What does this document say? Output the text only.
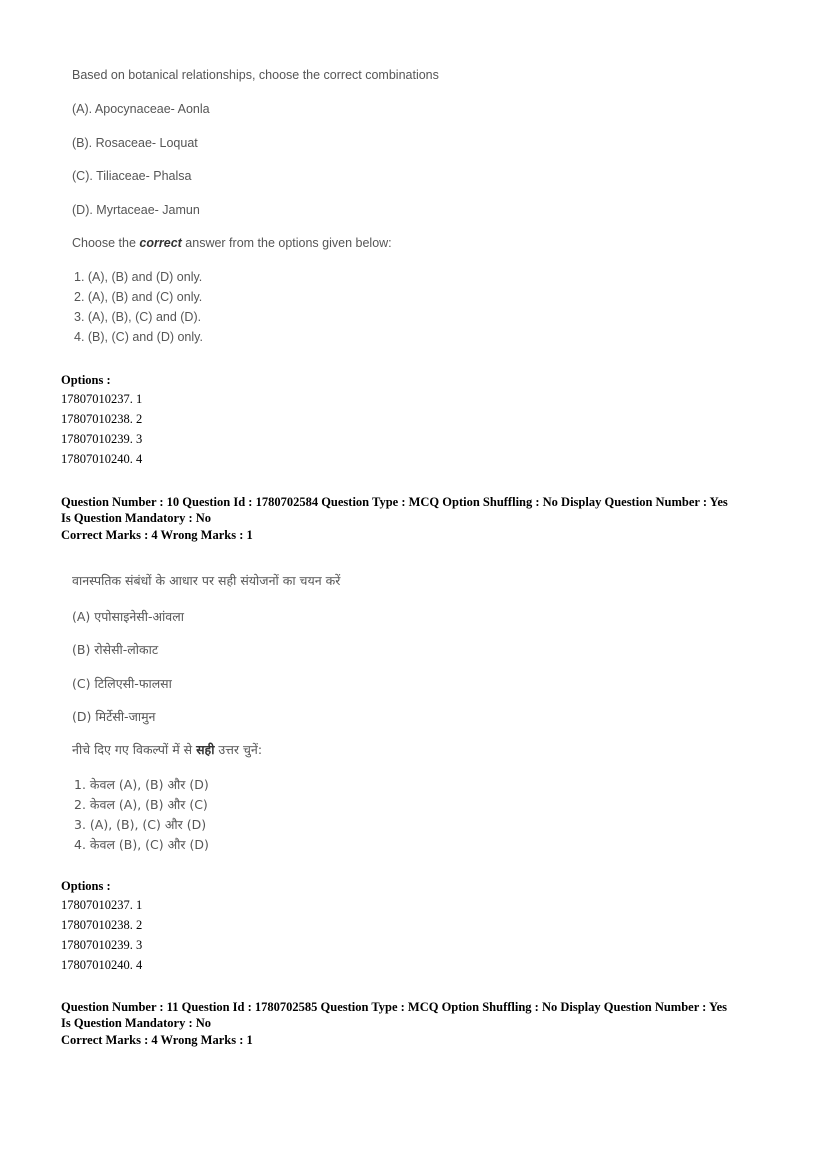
Based on botanical relationships, choose the correct combinations
(A). Apocynaceae- Aonla
(B). Rosaceae- Loquat
(C). Tiliaceae- Phalsa
(D). Myrtaceae- Jamun
Choose the correct answer from the options given below:
1. (A), (B) and (D) only.
2. (A), (B) and (C) only.
3. (A), (B), (C) and (D).
4. (B), (C) and (D) only.
Options :
17807010237. 1
17807010238. 2
17807010239. 3
17807010240. 4
Question Number : 10 Question Id : 1780702584 Question Type : MCQ Option Shuffling : No Display Question Number : Yes
Is Question Mandatory : No
Correct Marks : 4 Wrong Marks : 1
वानस्पतिक संबंधों के आधार पर सही संयोजनों का चयन करें
(A) एपोसाइनेसी-आंवला
(B) रोसेसी-लोकाट
(C) टिलिएसी-फालसा
(D) मिर्टेसी-जामुन
नीचे दिए गए विकल्पों में से सही उत्तर चुनें:
1. केवल (A), (B) और (D)
2. केवल (A), (B) और (C)
3. (A), (B), (C) और (D)
4. केवल (B), (C) और (D)
Options :
17807010237. 1
17807010238. 2
17807010239. 3
17807010240. 4
Question Number : 11 Question Id : 1780702585 Question Type : MCQ Option Shuffling : No Display Question Number : Yes
Is Question Mandatory : No
Correct Marks : 4 Wrong Marks : 1
